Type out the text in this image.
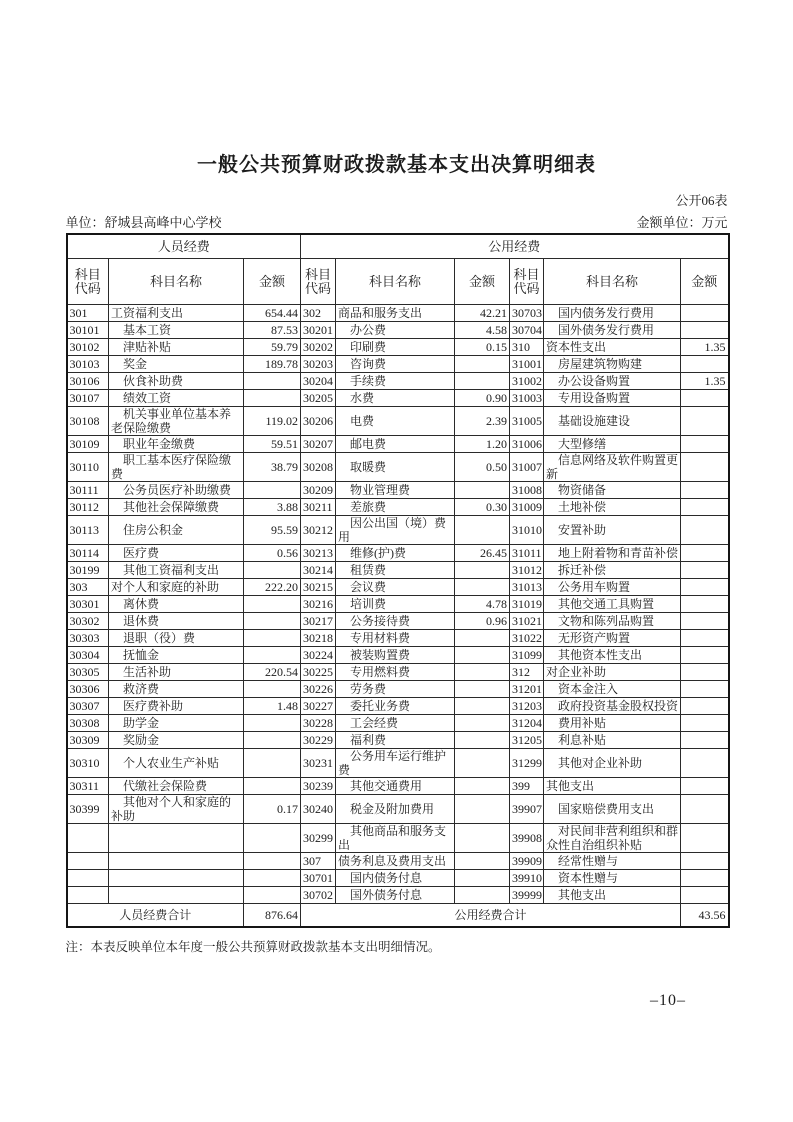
一般公共预算财政拨款基本支出决算明细表
公开06表
单位：舒城县高峰中心学校	金额单位：万元
人员经费			公用经费					
科目代码	科目名称	金额	科目代码	科目名称	金额	科目代码	科目名称	金额
301	工资福利支出	654.44	302	商品和服务支出	42.21	30703	国内债务发行费用	
30101	基本工资	87.53	30201	办公费	4.58	30704	国外债务发行费用	
30102	津贴补贴	59.79	30202	印刷费	0.15	310	资本性支出	1.35
30103	奖金	189.78	30203	咨询费		31001	房屋建筑物购建	
30106	伙食补助费		30204	手续费		31002	办公设备购置	1.35
30107	绩效工资		30205	水费	0.90	31003	专用设备购置	
30108	机关事业单位基本养老保险缴费	119.02	30206	电费	2.39	31005	基础设施建设	
30109	职业年金缴费	59.51	30207	邮电费	1.20	31006	大型修缮	
30110	职工基本医疗保险缴费	38.79	30208	取暖费	0.50	31007	信息网络及软件购置更新	
30111	公务员医疗补助缴费		30209	物业管理费		31008	物资储备	
30112	其他社会保障缴费	3.88	30211	差旅费	0.30	31009	土地补偿	
30113	住房公积金	95.59	30212	因公出国（境）费用		31010	安置补助	
30114	医疗费	0.56	30213	维修(护)费	26.45	31011	地上附着物和青苗补偿	
30199	其他工资福利支出		30214	租赁费		31012	拆迁补偿	
303	对个人和家庭的补助	222.20	30215	会议费		31013	公务用车购置	
30301	离休费		30216	培训费	4.78	31019	其他交通工具购置	
30302	退休费		30217	公务接待费	0.96	31021	文物和陈列品购置	
30303	退职（役）费		30218	专用材料费		31022	无形资产购置	
30304	抚恤金		30224	被装购置费		31099	其他资本性支出	
30305	生活补助	220.54	30225	专用燃料费		312	对企业补助	
30306	救济费		30226	劳务费		31201	资本金注入	
30307	医疗费补助	1.48	30227	委托业务费		31203	政府投资基金股权投资	
30308	助学金		30228	工会经费		31204	费用补贴	
30309	奖励金		30229	福利费		31205	利息补贴	
30310	个人农业生产补贴		30231	公务用车运行维护费		31299	其他对企业补助	
30311	代缴社会保险费		30239	其他交通费用		399	其他支出	
30399	其他对个人和家庭的补助	0.17	30240	税金及附加费用		39907	国家赔偿费用支出	
			30299	其他商品和服务支出		39908	对民间非营利组织和群众性自治组织补贴	
			307	债务利息及费用支出		39909	经常性赠与	
			30701	国内债务付息		39910	资本性赠与	
			30702	国外债务付息		39999	其他支出	
人员经费合计		876.64	公用经费合计					43.56
注：本表反映单位本年度一般公共预算财政拨款基本支出明细情况。
–10–
